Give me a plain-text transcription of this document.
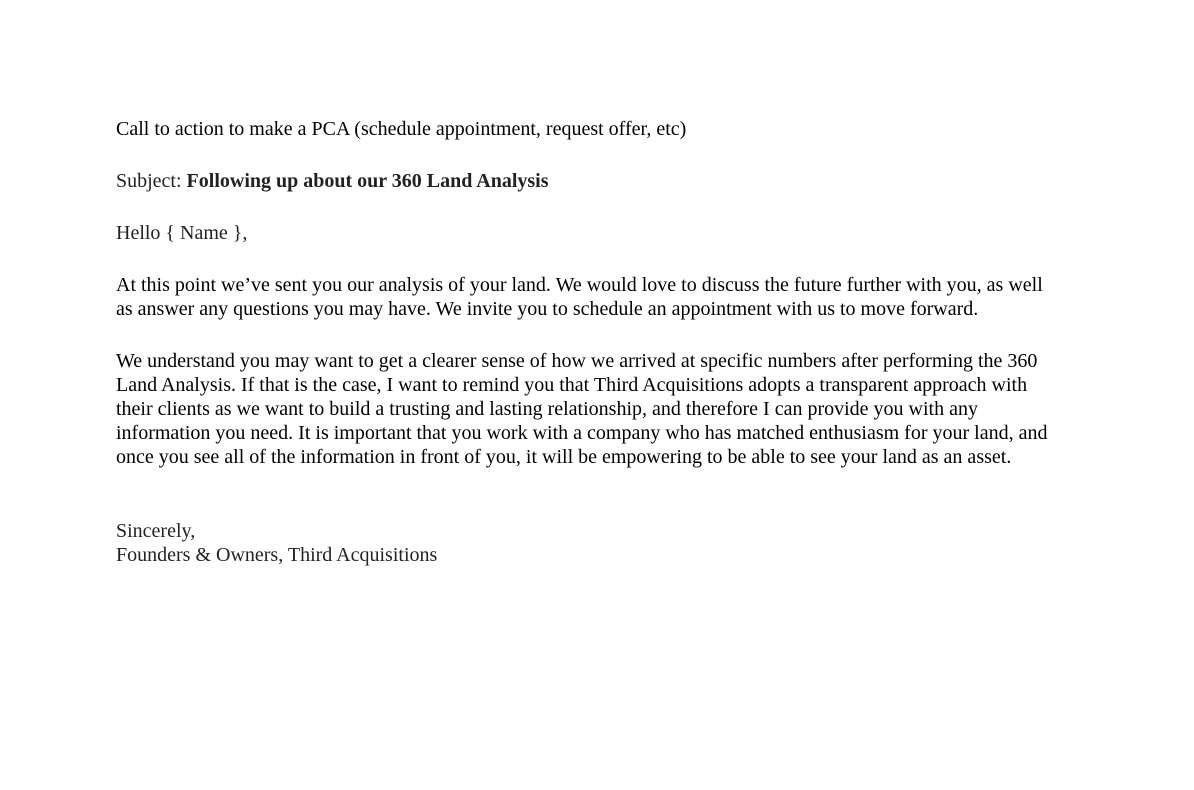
Call to action to make a PCA (schedule appointment, request offer, etc)

Subject: Following up about our 360 Land Analysis

Hello { Name },

At this point we’ve sent you our analysis of your land. We would love to discuss the future further with you, as well as answer any questions you may have. We invite you to schedule an appointment with us to move forward.

We understand you may want to get a clearer sense of how we arrived at specific numbers after performing the 360 Land Analysis. If that is the case, I want to remind you that Third Acquisitions adopts a transparent approach with their clients as we want to build a trusting and lasting relationship, and therefore I can provide you with any information you need. It is important that you work with a company who has matched enthusiasm for your land, and once you see all of the information in front of you, it will be empowering to be able to see your land as an asset.

Sincerely,
Founders & Owners, Third Acquisitions
